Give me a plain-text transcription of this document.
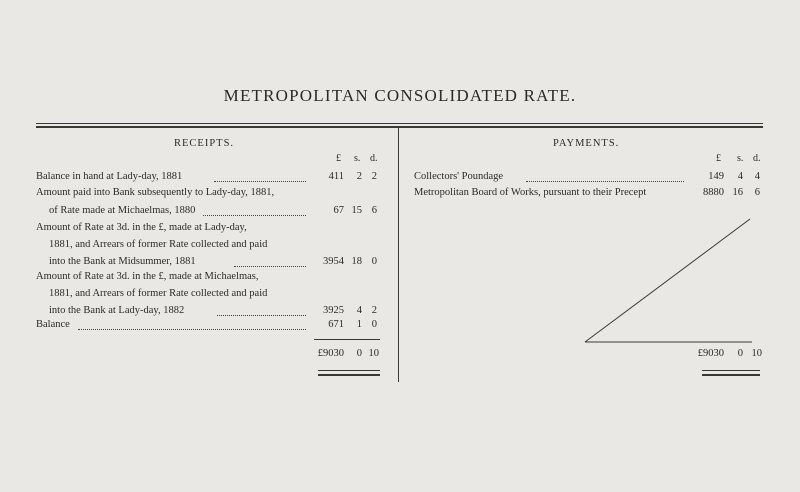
METROPOLITAN CONSOLIDATED RATE.
RECEIPTS.	PAYMENTS.
£ s. d.	£ s. d.
Balance in hand at Lady-day, 1881	411	2 2
Amount paid into Bank subsequently to Lady-day, 1881,
of Rate made at Michaelmas, 1880	67 15 6
Amount of Rate at 3d. in the £, made at Lady-day,
1881, and Arrears of former Rate collected and paid
into the Bank at Midsummer, 1881	3954 18 0
Amount of Rate at 3d. in the £, made at Michaelmas,
1881, and Arrears of former Rate collected and paid
into the Bank at Lady-day, 1882	3925	4 2
Balance	671	1 0
£9030	0 10
Collectors' Poundage	149	4	4
Metropolitan Board of Works, pursuant to their Precept	8880 16	6
£9030	0 10
